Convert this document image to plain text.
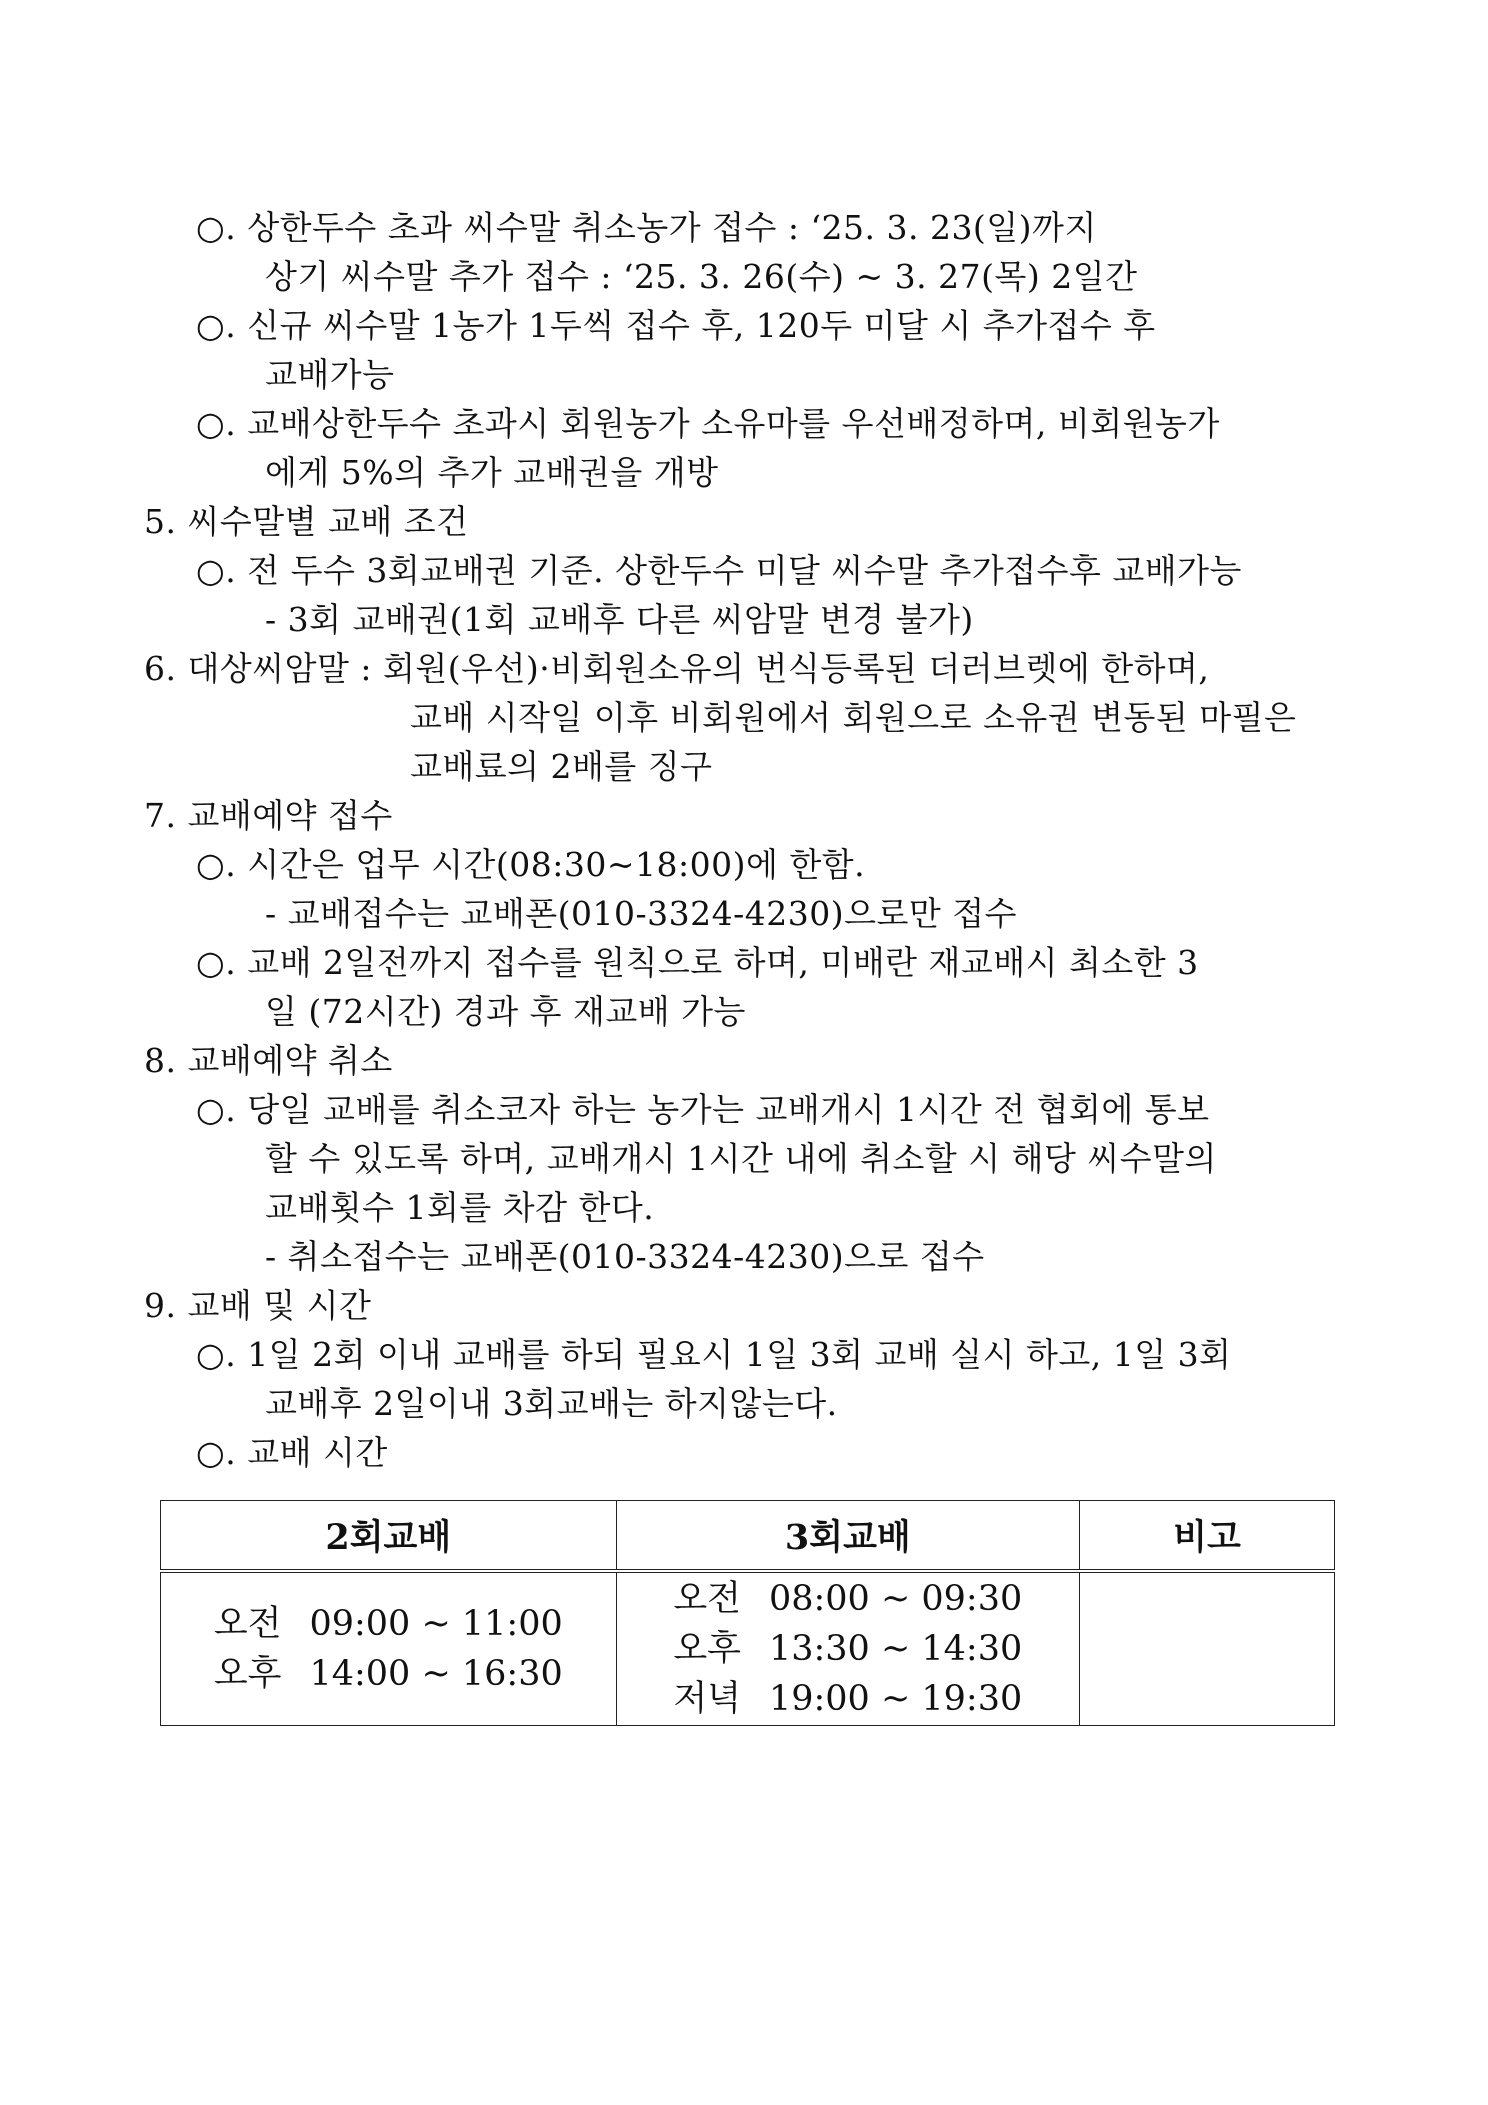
○. 상한두수 초과 씨수말 취소농가 접수 : ‘25. 3. 23(일)까지
상기 씨수말 추가 접수 : ‘25. 3. 26(수) ~ 3. 27(목) 2일간
○. 신규 씨수말 1농가 1두씩 접수 후, 120두 미달 시 추가접수 후
교배가능
○. 교배상한두수 초과시 회원농가 소유마를 우선배정하며, 비회원농가
에게 5%의 추가 교배권을 개방
5. 씨수말별 교배 조건
○. 전 두수 3회교배권 기준. 상한두수 미달 씨수말 추가접수후 교배가능
- 3회 교배권(1회 교배후 다른 씨암말 변경 불가)
6. 대상씨암말 : 회원(우선)·비회원소유의 번식등록된 더러브렛에 한하며,
교배 시작일 이후 비회원에서 회원으로 소유권 변동된 마필은
교배료의 2배를 징구
7. 교배예약 접수
○. 시간은 업무 시간(08:30~18:00)에 한함.
- 교배접수는 교배폰(010-3324-4230)으로만 접수
○. 교배 2일전까지 접수를 원칙으로 하며, 미배란 재교배시 최소한 3
일 (72시간) 경과 후 재교배 가능
8. 교배예약 취소
○. 당일 교배를 취소코자 하는 농가는 교배개시 1시간 전 협회에 통보
할 수 있도록 하며, 교배개시 1시간 내에 취소할 시 해당 씨수말의
교배횟수 1회를 차감 한다.
- 취소접수는 교배폰(010-3324-4230)으로 접수
9. 교배 및 시간
○. 1일 2회 이내 교배를 하되 필요시 1일 3회 교배 실시 하고, 1일 3회
교배후 2일이내 3회교배는 하지않는다.
○. 교배 시간
2회교배	3회교배	비고

오전 09:00 ~ 11:00
오후 14:00 ~ 16:30	오전 08:00 ~ 09:30
오후 13:30 ~ 14:30
저녁 19:00 ~ 19:30	
